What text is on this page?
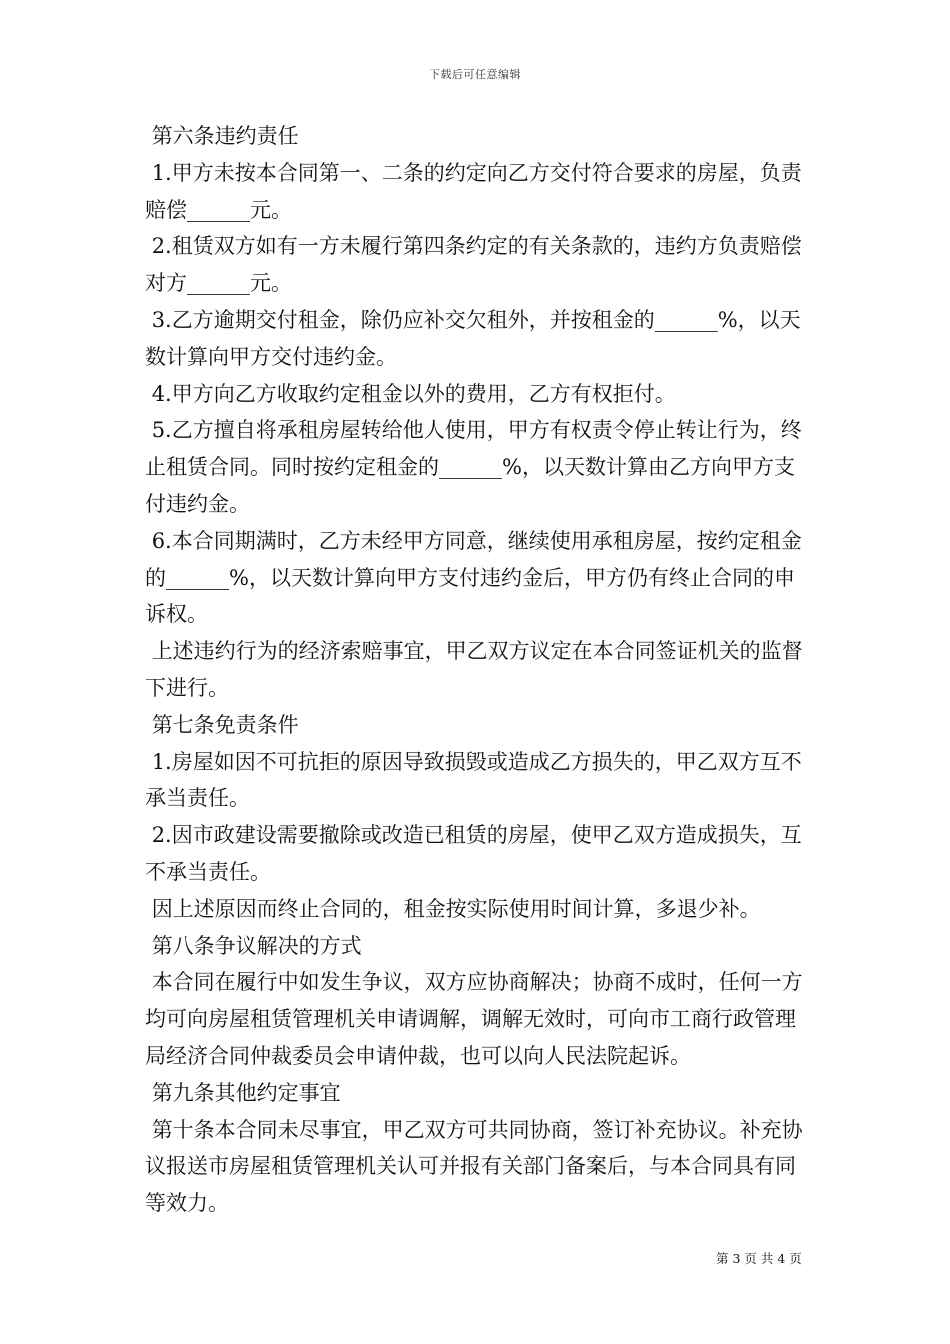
下载后可任意编辑

第六条违约责任

1.甲方未按本合同第一、二条的约定向乙方交付符合要求的房屋，负责赔偿______元。

2.租赁双方如有一方未履行第四条约定的有关条款的，违约方负责赔偿对方______元。

3.乙方逾期交付租金，除仍应补交欠租外，并按租金的______%，以天数计算向甲方交付违约金。

4.甲方向乙方收取约定租金以外的费用，乙方有权拒付。

5.乙方擅自将承租房屋转给他人使用，甲方有权责令停止转让行为，终止租赁合同。同时按约定租金的______%，以天数计算由乙方向甲方支付违约金。

6.本合同期满时，乙方未经甲方同意，继续使用承租房屋，按约定租金的______%，以天数计算向甲方支付违约金后，甲方仍有终止合同的申诉权。

上述违约行为的经济索赔事宜，甲乙双方议定在本合同签证机关的监督下进行。

第七条免责条件

1.房屋如因不可抗拒的原因导致损毁或造成乙方损失的，甲乙双方互不承当责任。

2.因市政建设需要撤除或改造已租赁的房屋，使甲乙双方造成损失，互不承当责任。

因上述原因而终止合同的，租金按实际使用时间计算，多退少补。

第八条争议解决的方式

本合同在履行中如发生争议，双方应协商解决；协商不成时，任何一方均可向房屋租赁管理机关申请调解，调解无效时，可向市工商行政管理局经济合同仲裁委员会申请仲裁，也可以向人民法院起诉。

第九条其他约定事宜

第十条本合同未尽事宜，甲乙双方可共同协商，签订补充协议。补充协议报送市房屋租赁管理机关认可并报有关部门备案后，与本合同具有同等效力。

第 3 页 共 4 页
